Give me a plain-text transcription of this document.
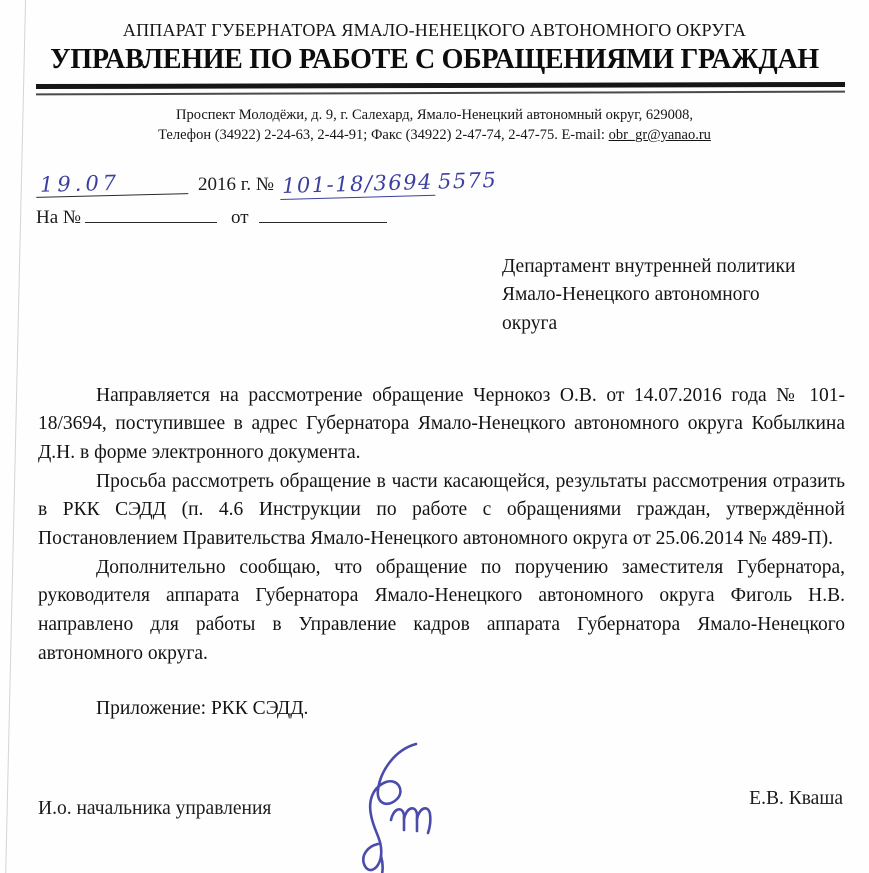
АППАРАТ ГУБЕРНАТОРА ЯМАЛО-НЕНЕЦКОГО АВТОНОМНОГО ОКРУГА
УПРАВЛЕНИЕ ПО РАБОТЕ С ОБРАЩЕНИЯМИ ГРАЖДАН
Проспект Молодёжи, д. 9, г. Салехард, Ямало-Ненецкий автономный округ, 629008,
Телефон (34922) 2-24-63, 2-44-91; Факс (34922) 2-47-74, 2-47-75. E-mail: obr_gr@yanao.ru
19.07	2016 г. № 101-18/3694 5575
На №	от
Департамент внутренней политики
Ямало-Ненецкого автономного
округа

Направляется на рассмотрение обращение Чернокоз О.В. от 14.07.2016 года № 101-18/3694, поступившее в адрес Губернатора Ямало-Ненецкого автономного округа Кобылкина Д.Н. в форме электронного документа.

Просьба рассмотреть обращение в части касающейся, результаты рассмотрения отразить в РКК СЭДД (п. 4.6 Инструкции по работе с обращениями граждан, утверждённой Постановлением Правительства Ямало-Ненецкого автономного округа от 25.06.2014 № 489-П).

Дополнительно сообщаю, что обращение по поручению заместителя Губернатора, руководителя аппарата Губернатора Ямало-Ненецкого автономного округа Фиголь Н.В. направлено для работы в Управление кадров аппарата Губернатора Ямало-Ненецкого автономного округа.

Приложение: РКК СЭДД.
И.о. начальника управления	Е.В. Кваша
